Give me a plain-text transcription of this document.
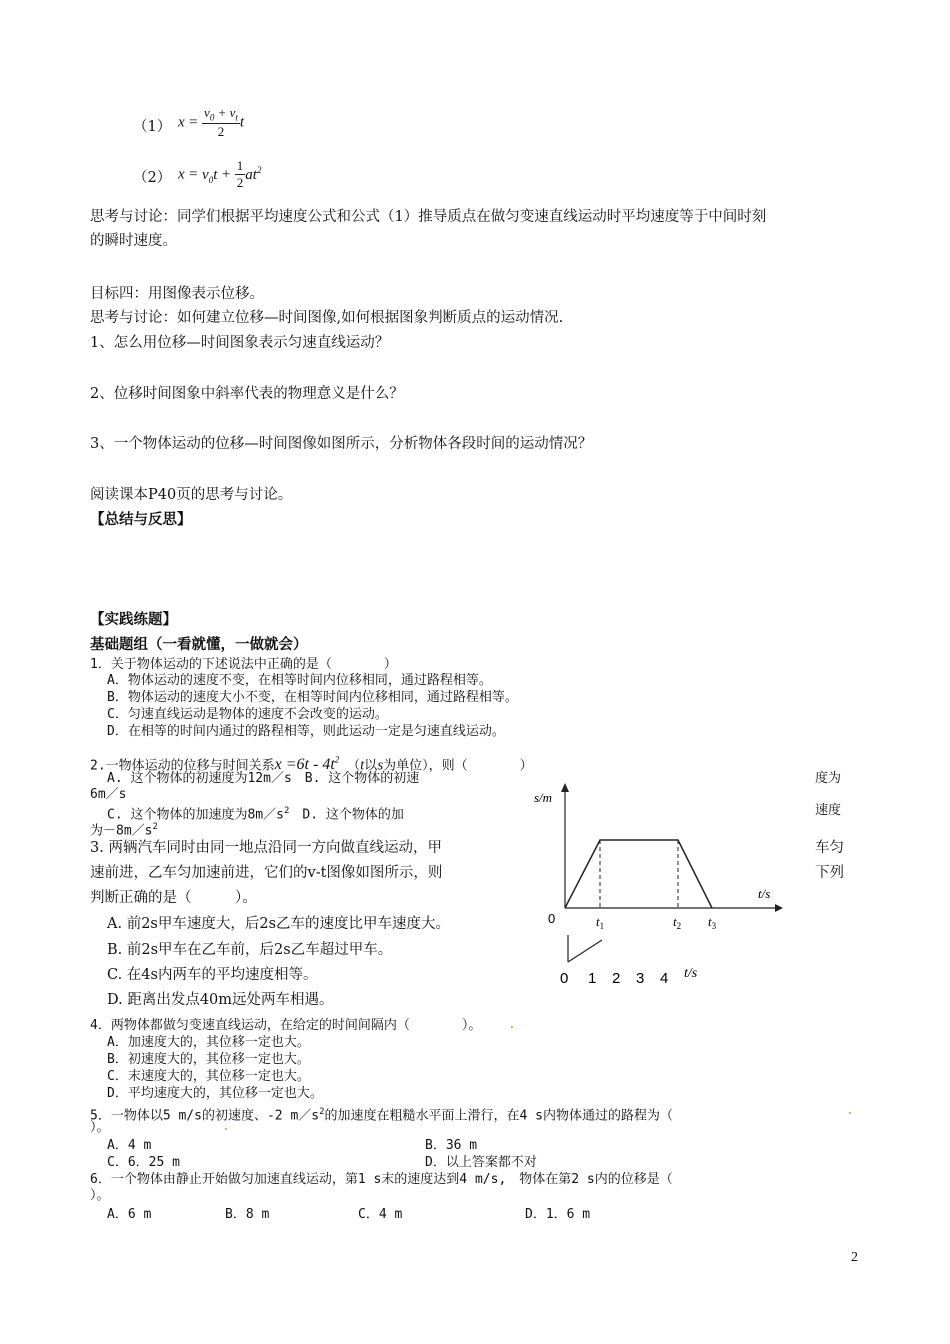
（1） $x = \frac{v_0 + v_t}{2}$ t
（2） $x = v_0t + \frac{1}{2} at^2$
思考与讨论：同学们根据平均速度公式和公式（1）推导质点在做匀变速直线运动时平均速度等于中间时刻
的瞬时速度。
目标四：用图像表示位移。
思考与讨论：如何建立位移—时间图像,如何根据图象判断质点的运动情况.
1、怎么用位移—时间图象表示匀速直线运动？
2、位移时间图象中斜率代表的物理意义是什么？
3、一个物体运动的位移—时间图像如图所示，分析物体各段时间的运动情况？
阅读课本P40页的思考与讨论。
【总结与反思】
【实践练题】
基础题组（一看就懂，一做就会）
1．关于物体运动的下述说法中正确的是（　　　　）
A．物体运动的速度不变，在相等时间内位移相同，通过路程相等。
B．物体运动的速度大小不变，在相等时间内位移相同，通过路程相等。
C．匀速直线运动是物体的速度不会改变的运动。
D．在相等的时间内通过的路程相等，则此运动一定是匀速直线运动。
2.一物体运动的位移与时间关系$x =6t - 4t^2$ （t以s为单位），则（　　　　）
A. 这个物体的初速度为12m／s　B. 这个物体的初速	度为
6m／s
C. 这个物体的加速度为$8m/s^2$　D. 这个物体的加	速度
为$-8m/s^2$
3. 两辆汽车同时由同一地点沿同一方向做直线运动，甲	车匀
速前进，乙车匀加速前进，它们的v-t图像如图所示，则	下列
判断正确的是（　　　）。
A. 前2s甲车速度大，后2s乙车的速度比甲车速度大。
B. 前2s甲车在乙车前，后2s乙车超过甲车。
C. 在4s内两车的平均速度相等。
D. 距离出发点40m远处两车相遇。
s/m
t/s
0	$t_1$	$t_2$ $t_3$
0 1 2 3 4 t/s
4．两物体都做匀变速直线运动，在给定的时间间隔内（　　　　）。
A．加速度大的，其位移一定也大。
B．初速度大的，其位移一定也大。
C．末速度大的，其位移一定也大。
D．平均速度大的，其位移一定也大。
5．一物体以5 m/s的初速度、-2 $m/s^2$的加速度在粗糙水平面上滑行，在4 s内物体通过的路程为（
）。
A．4 m	B．36 m
C．6．25 m	D．以上答案都不对
6．一个物体由静止开始做匀加速直线运动，第1 s末的速度达到4 m/s,　物体在第2 s内的位移是（
）。
A．6 m	B．8 m	C．4 m	D．1．6 m
.
.
.
2
